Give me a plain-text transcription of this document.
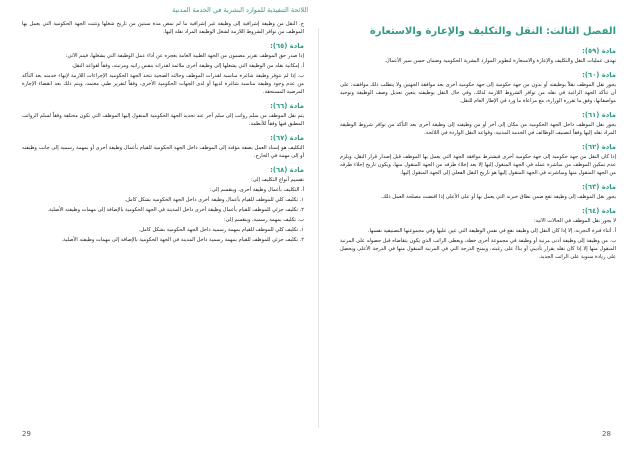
اللائحة التنفيذية للموارد البشرية في الخدمة المدنية
ج. النقل من وظيفة إشرافية إلى وظيفة غير إشرافية ما لم تمض مدة سنتين من تاريخ شغلها وتثبت الجهة الحكومية التي يعمل بها الموظف من توافر الشروط اللازمة لشغل الوظيفة المراد نقله إليها.
مادة (٦٥):
إذا صدر حق الموظف تقرير مضمون من الجهة الطبية العامة بعجزه عن أداء عمل الوظيفة التي يشغلها، فيتم الآتي:
أ. إمكانية نقله من الوظيفة التي يشغلها إلى وظيفة أخرى ملائمة لقدراته بنفس راتبه ومرتبته، وفقاً لقواعد النقل.
ب. إذا لم تتوفر وظيفة شاغرة مناسبة لقدرات الموظف وحالته الصحية تتخذ الجهة الحكومية الإجراءات اللازمة لإنهاء خدمته بعد التأكد من عدم وجود وظيفة مناسبة شاغرة لديها أو لدى الجهات الحكومية الأخرى، وفقاً لتقرير طبي معتمد، ويتم ذلك بعد انقضاء الإجازة المرضية المستحقة.
مادة (٦٦):
يتم نقل الموظف من سلم رواتب إلى سلم آخر عند تحديد الجهة الحكومية المنقول إليها الموظف التي تكون مختلفة وفقاً لسلم الرواتب المطبق فيها وفقاً للأنظمة.
مادة (٦٧):
التكليف هو إسناد العمل بصفة مؤقتة إلى الموظف داخل الجهة الحكومية للقيام بأعمال وظيفة أخرى أو بمهمة رسمية إلى جانب وظيفته أو إلى مهمة في الخارج.
مادة (٦٨):
تقسيم أنواع التكليف إلى:
أ. التكليف بأعمال وظيفة أخرى، وينقسم إلى:
١. تكليف كلي للموظف للقيام بأعمال وظيفة أخرى داخل الجهة الحكومية بشكل كامل.
٢. تكليف جزئي للموظف للقيام بأعمال وظيفة أخرى داخل المدينة في الجهة الحكومية بالإضافة إلى مهمات وظيفته الأصلية.
ب. تكليف بمهمة رسمية، وينقسم إلى:
١. تكليف كلي للموظف للقيام بمهمة رسمية داخل الجهة الحكومية بشكل كامل.
٢. تكليف جزئي للموظف للقيام بمهمة رسمية داخل المدينة في الجهة الحكومية بالإضافة إلى مهمات وظيفته الأصلية.
الفصل الثالث: النقل والتكليف والإعارة والاستعارة
مادة (٥٩):
تهدف عمليات النقل والتكليف والإعارة والاستعارة لتطوير الموارد البشرية الحكومية وضمان حسن سير الأعمال.
مادة (٦٠):
يجوز نقل الموظف نقلاً بوظيفته أو بدون من جهة حكومية إلى جهة حكومية أخرى بعد موافقة الجهتين ولا يتطلب ذلك موافقته، على أن تتأكد الجهة الراغبة في نقله من توافر الشروط اللازمة لذلك، وفي حال النقل بوظيفته يتعين تعديل وصف الوظيفة وتوحيد مواصفاتها، وفق ما تقرره الوزارة، مع مراعاة ما ورد في الإطار العام للنقل.
مادة (٦١):
يجوز نقل الموظف داخل الجهة الحكومية من مكان إلى آخر أو من وظيفته إلى وظيفة أخرى بعد التأكد من توافر شروط الوظيفة المراد نقله إليها وفقاً لتصنيف الوظائف في الخدمة المدنية، وقواعد النقل الواردة في اللائحة.
مادة (٦٢):
إذا كان النقل من جهة حكومية إلى جهة حكومية أخرى فيشترط موافقة الجهة التي يعمل بها الموظف قبل إصدار قرار النقل، ويلزم عدم تمكين الموظف من مباشرة عمله في الجهة المنقول إليها إلا بعد إخلاء طرفه من الجهة المنقول منها، ويكون تاريخ إخلاء طرفه من الجهة المنقول منها ومباشرته في الجهة المنقول إليها هو تاريخ النقل الفعلي إلى الجهة المنقول إليها.
مادة (٦٣):
يجوز نقل الموظف إلى وظيفة تقع ضمن نطاق خبرته التي يعمل بها أو على الأعلى إذا اقتضت مصلحة العمل ذلك.
مادة (٦٤):
لا يجوز نقل الموظف في الحالات الآتية:
أ. أثناء فترة التجربة، إلا إذا كان النقل إلى وظيفة تقع في نفس الوظيفة التي عين عليها وفي مجموعتها التصنيفية نفسها.
ب. من وظيفة إلى وظيفة أدنى مرتبة أو وظيفة في مجموعة أخرى خطة، ويعطى الراتب الذي يكون يتقاضاه قبل حصوله على المرتبة المنقول منها إلا إذا كان نقله بقرار تأديبي أو بناءً على رغبته، ويمنح الدرجة التي في المرتبة المنقول منها في الدرجة الأعلى ويحصل على زيادة سنوية على الراتب الجديد.
29	28
